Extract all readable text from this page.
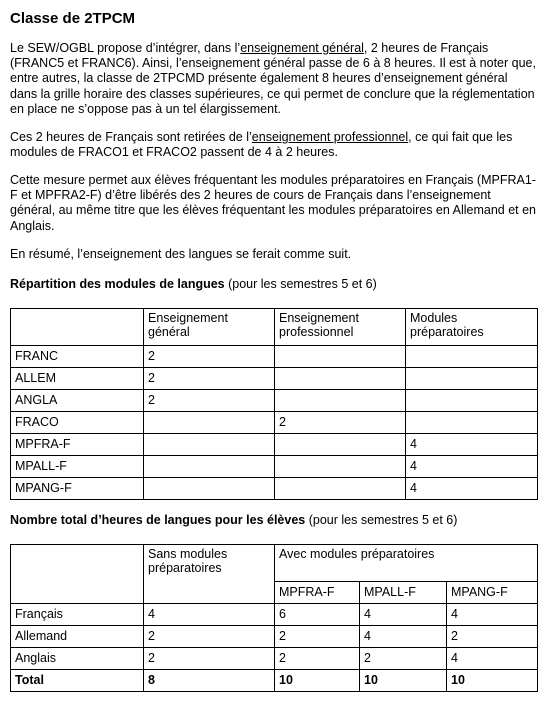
Classe de 2TPCM

Le SEW/OGBL propose d’intégrer, dans l’enseignement général, 2 heures de Français (FRANC5 et FRANC6). Ainsi, l’enseignement général passe de 6 à 8 heures. Il est à noter que, entre autres, la classe de 2TPCMD présente également 8 heures d’enseignement général dans la grille horaire des classes supérieures, ce qui permet de conclure que la réglementation en place ne s’oppose pas à un tel élargissement.

Ces 2 heures de Français sont retirées de l’enseignement professionnel, ce qui fait que les modules de FRACO1 et FRACO2 passent de 4 à 2 heures.

Cette mesure permet aux élèves fréquentant les modules préparatoires en Français (MPFRA1-F et MPFRA2-F) d’être libérés des 2 heures de cours de Français dans l’enseignement général, au même titre que les élèves fréquentant les modules préparatoires en Allemand et en Anglais.

En résumé, l’enseignement des langues se ferait comme suit.

Répartition des modules de langues (pour les semestres 5 et 6)

	Enseignement général	Enseignement professionnel	Modules préparatoires
FRANC	2		
ALLEM	2		
ANGLA	2		
FRACO		2	
MPFRA-F			4
MPALL-F			4
MPANG-F			4

Nombre total d’heures de langues pour les élèves (pour les semestres 5 et 6)

	Sans modules préparatoires	Avec modules préparatoires		
		MPFRA-F	MPALL-F	MPANG-F
Français	4	6	4	4
Allemand	2	2	4	2
Anglais	2	2	2	4
Total	8	10	10	10
